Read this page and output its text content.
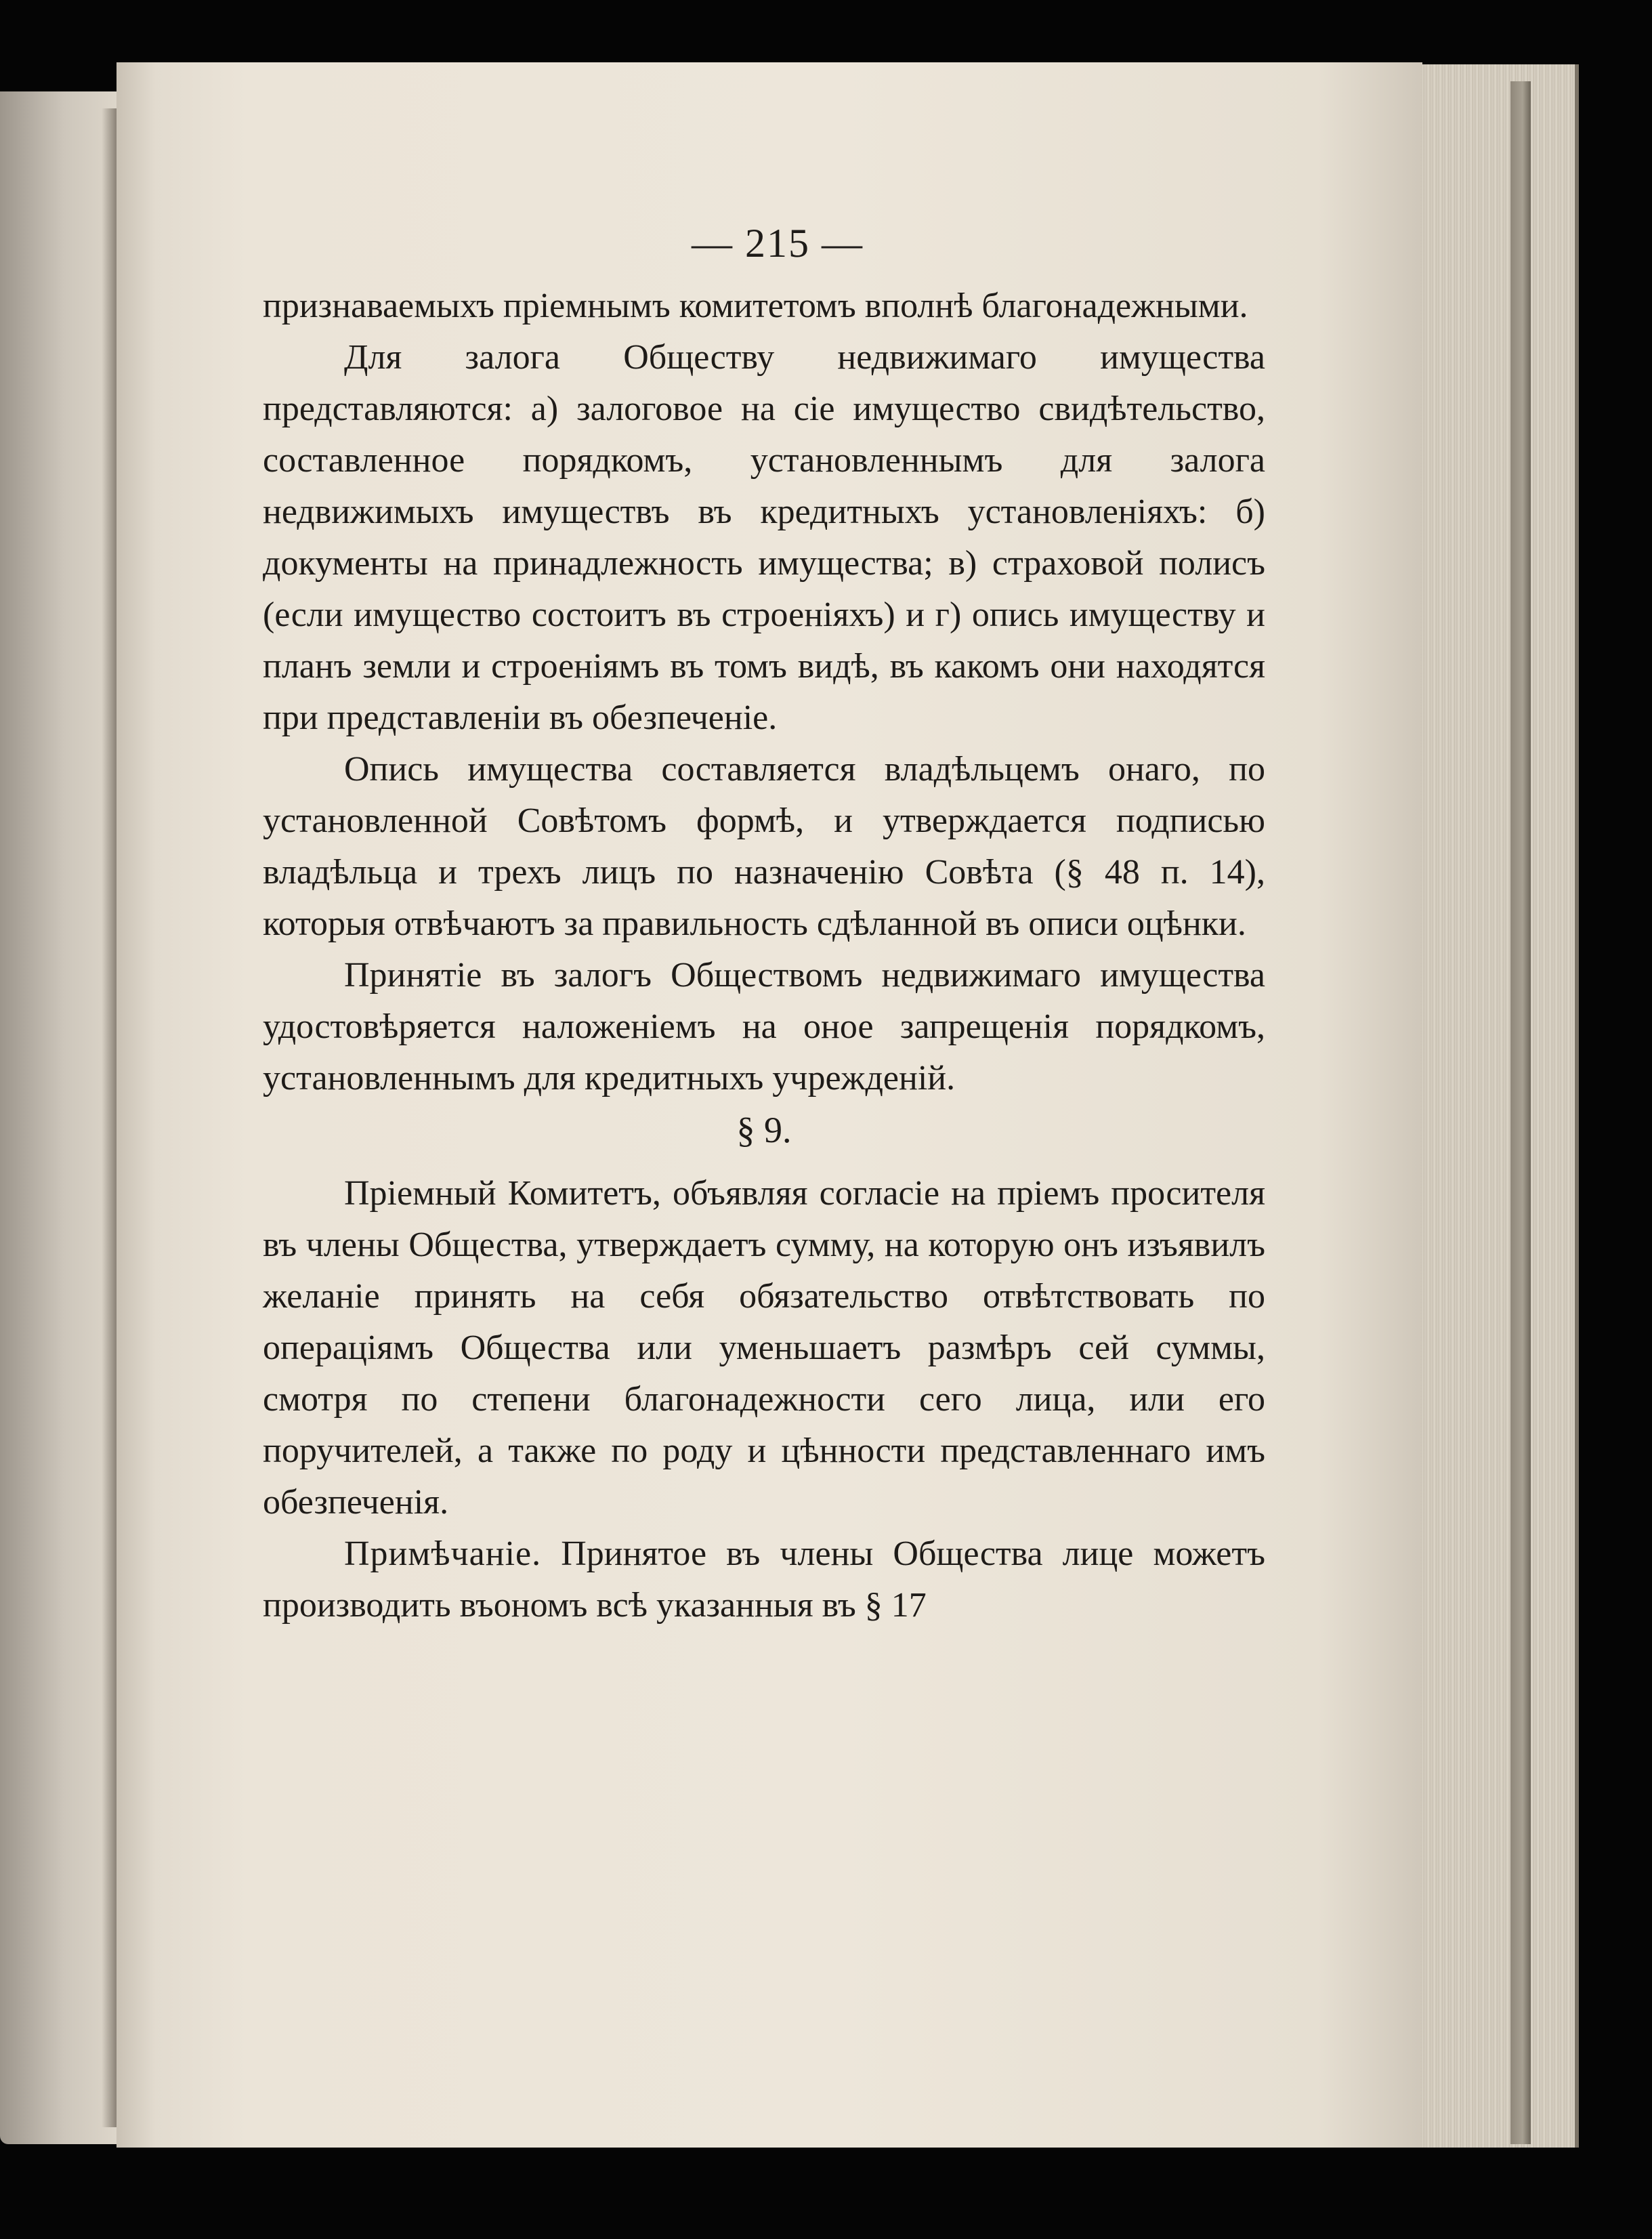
— 215 —

признаваемыхъ пріемнымъ комитетомъ вполнѣ благонадежными.

Для залога Обществу недвижимаго имущества представляются: а) залоговое на сіе имущество свидѣтельство, составленное порядкомъ, установленнымъ для залога недвижимыхъ имуществъ въ кредитныхъ установленіяхъ: б) документы на принадлежность имущества; в) страховой полисъ (если имущество состоитъ въ строеніяхъ) и г) опись имуществу и планъ земли и строеніямъ въ томъ видѣ, въ какомъ они находятся при представленіи въ обезпеченіе.

Опись имущества составляется владѣльцемъ онаго, по установленной Совѣтомъ формѣ, и утверждается подписью владѣльца и трехъ лицъ по назначенію Совѣта (§ 48 п. 14), которыя отвѣчаютъ за правильность сдѣланной въ описи оцѣнки.

Принятіе въ залогъ Обществомъ недвижимаго имущества удостовѣряется наложеніемъ на оное запрещенія порядкомъ, установленнымъ для кредитныхъ учрежденій.

§ 9.

Пріемный Комитетъ, объявляя согласіе на пріемъ просителя въ члены Общества, утверждаетъ сумму, на которую онъ изъявилъ желаніе принять на себя обязательство отвѣтствовать по операціямъ Общества или уменьшаетъ размѣръ сей суммы, смотря по степени благонадежности сего лица, или его поручителей, а также по роду и цѣнности представленнаго имъ обезпеченія.

Примѣчаніе. Принятое въ члены Общества лице можетъ производить въономъ всѣ указанныя въ § 17
